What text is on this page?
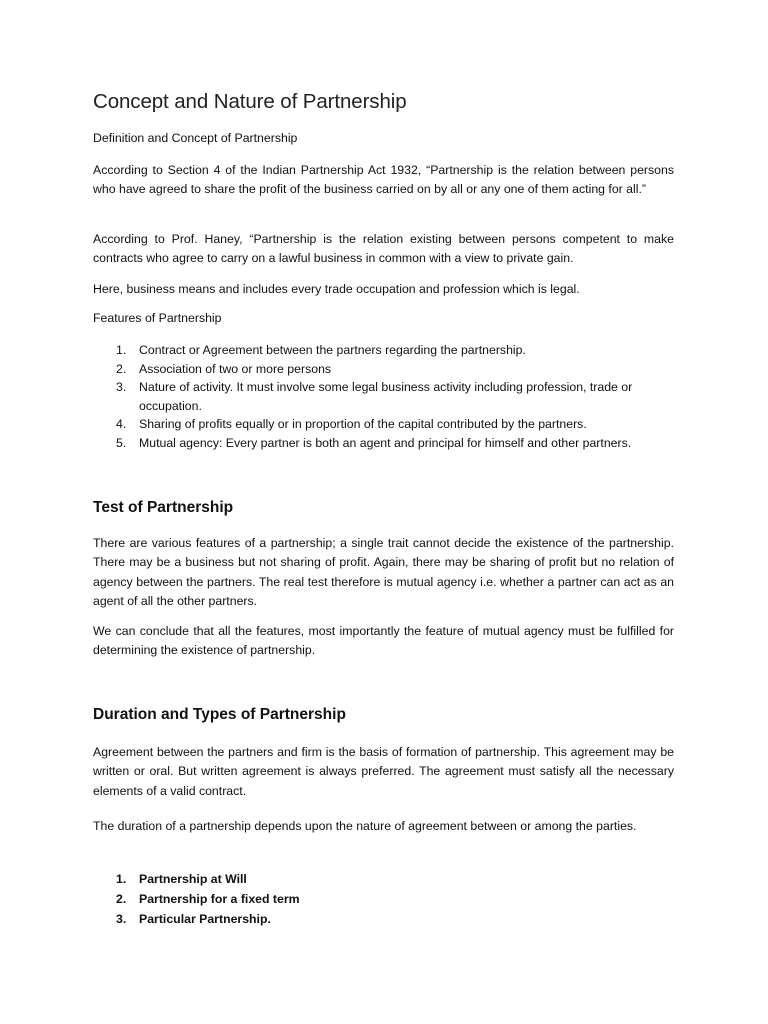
Concept and Nature of Partnership
Definition and Concept of Partnership

According to Section 4 of the Indian Partnership Act 1932, “Partnership is the relation between persons who have agreed to share the profit of the business carried on by all or any one of them acting for all.”

According to Prof. Haney, “Partnership is the relation existing between persons competent to make contracts who agree to carry on a lawful business in common with a view to private gain.

Here, business means and includes every trade occupation and profession which is legal.

Features of Partnership
1. Contract or Agreement between the partners regarding the partnership.
2. Association of two or more persons
3. Nature of activity. It must involve some legal business activity including profession, trade or occupation.
4. Sharing of profits equally or in proportion of the capital contributed by the partners.
5. Mutual agency: Every partner is both an agent and principal for himself and other partners.
Test of Partnership

There are various features of a partnership; a single trait cannot decide the existence of the partnership. There may be a business but not sharing of profit. Again, there may be sharing of profit but no relation of agency between the partners. The real test therefore is mutual agency i.e. whether a partner can act as an agent of all the other partners.

We can conclude that all the features, most importantly the feature of mutual agency must be fulfilled for determining the existence of partnership.

Duration and Types of Partnership

Agreement between the partners and firm is the basis of formation of partnership. This agreement may be written or oral. But written agreement is always preferred. The agreement must satisfy all the necessary elements of a valid contract.

The duration of a partnership depends upon the nature of agreement between or among the parties.

1. Partnership at Will
2. Partnership for a fixed term
3. Particular Partnership.
